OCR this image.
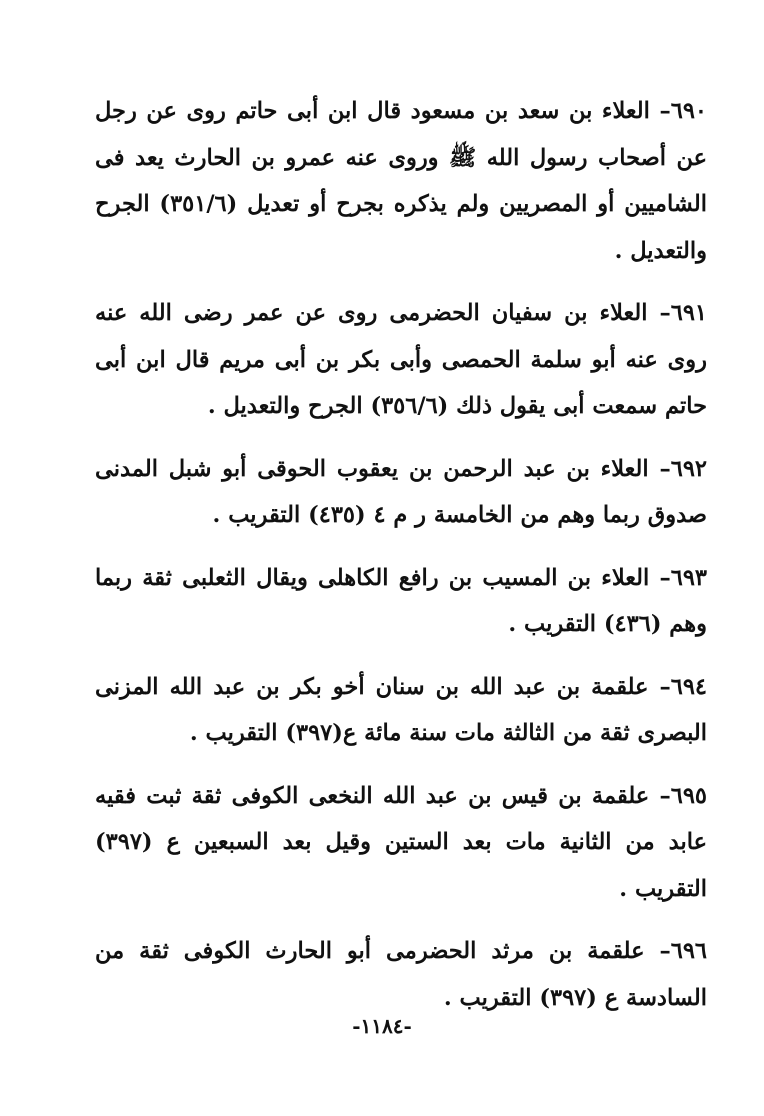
٦٩٠– العلاء بن سعد بن مسعود قال ابن أبى حاتم روى عن رجل
عن أصحاب رسول الله ﷺ وروى عنه عمرو بن الحارث يعد فى
الشاميين أو المصريين ولم يذكره بجرح أو تعديل (٣٥١/٦) الجرح
والتعديل .
٦٩١– العلاء بن سفيان الحضرمى روى عن عمر رضى الله عنه
روى عنه أبو سلمة الحمصى وأبى بكر بن أبى مريم قال ابن أبى
حاتم سمعت أبى يقول ذلك (٣٥٦/٦) الجرح والتعديل .
٦٩٢– العلاء بن عبد الرحمن بن يعقوب الحوقى أبو شبل المدنى
صدوق ربما وهم من الخامسة ر م ٤ (٤٣٥) التقريب .
٦٩٣– العلاء بن المسيب بن رافع الكاهلى ويقال الثعلبى ثقة ربما
وهم (٤٣٦) التقريب .
٦٩٤– علقمة بن عبد الله بن سنان أخو بكر بن عبد الله المزنى
البصرى ثقة من الثالثة مات سنة مائة ع(٣٩٧) التقريب .
٦٩٥– علقمة بن قيس بن عبد الله النخعى الكوفى ثقة ثبت فقيه
عابد من الثانية مات بعد الستين وقيل بعد السبعين ع (٣٩٧)
التقريب .
٦٩٦– علقمة بن مرثد الحضرمى أبو الحارث الكوفى ثقة من
السادسة ع (٣٩٧) التقريب .
-١١٨٤-
